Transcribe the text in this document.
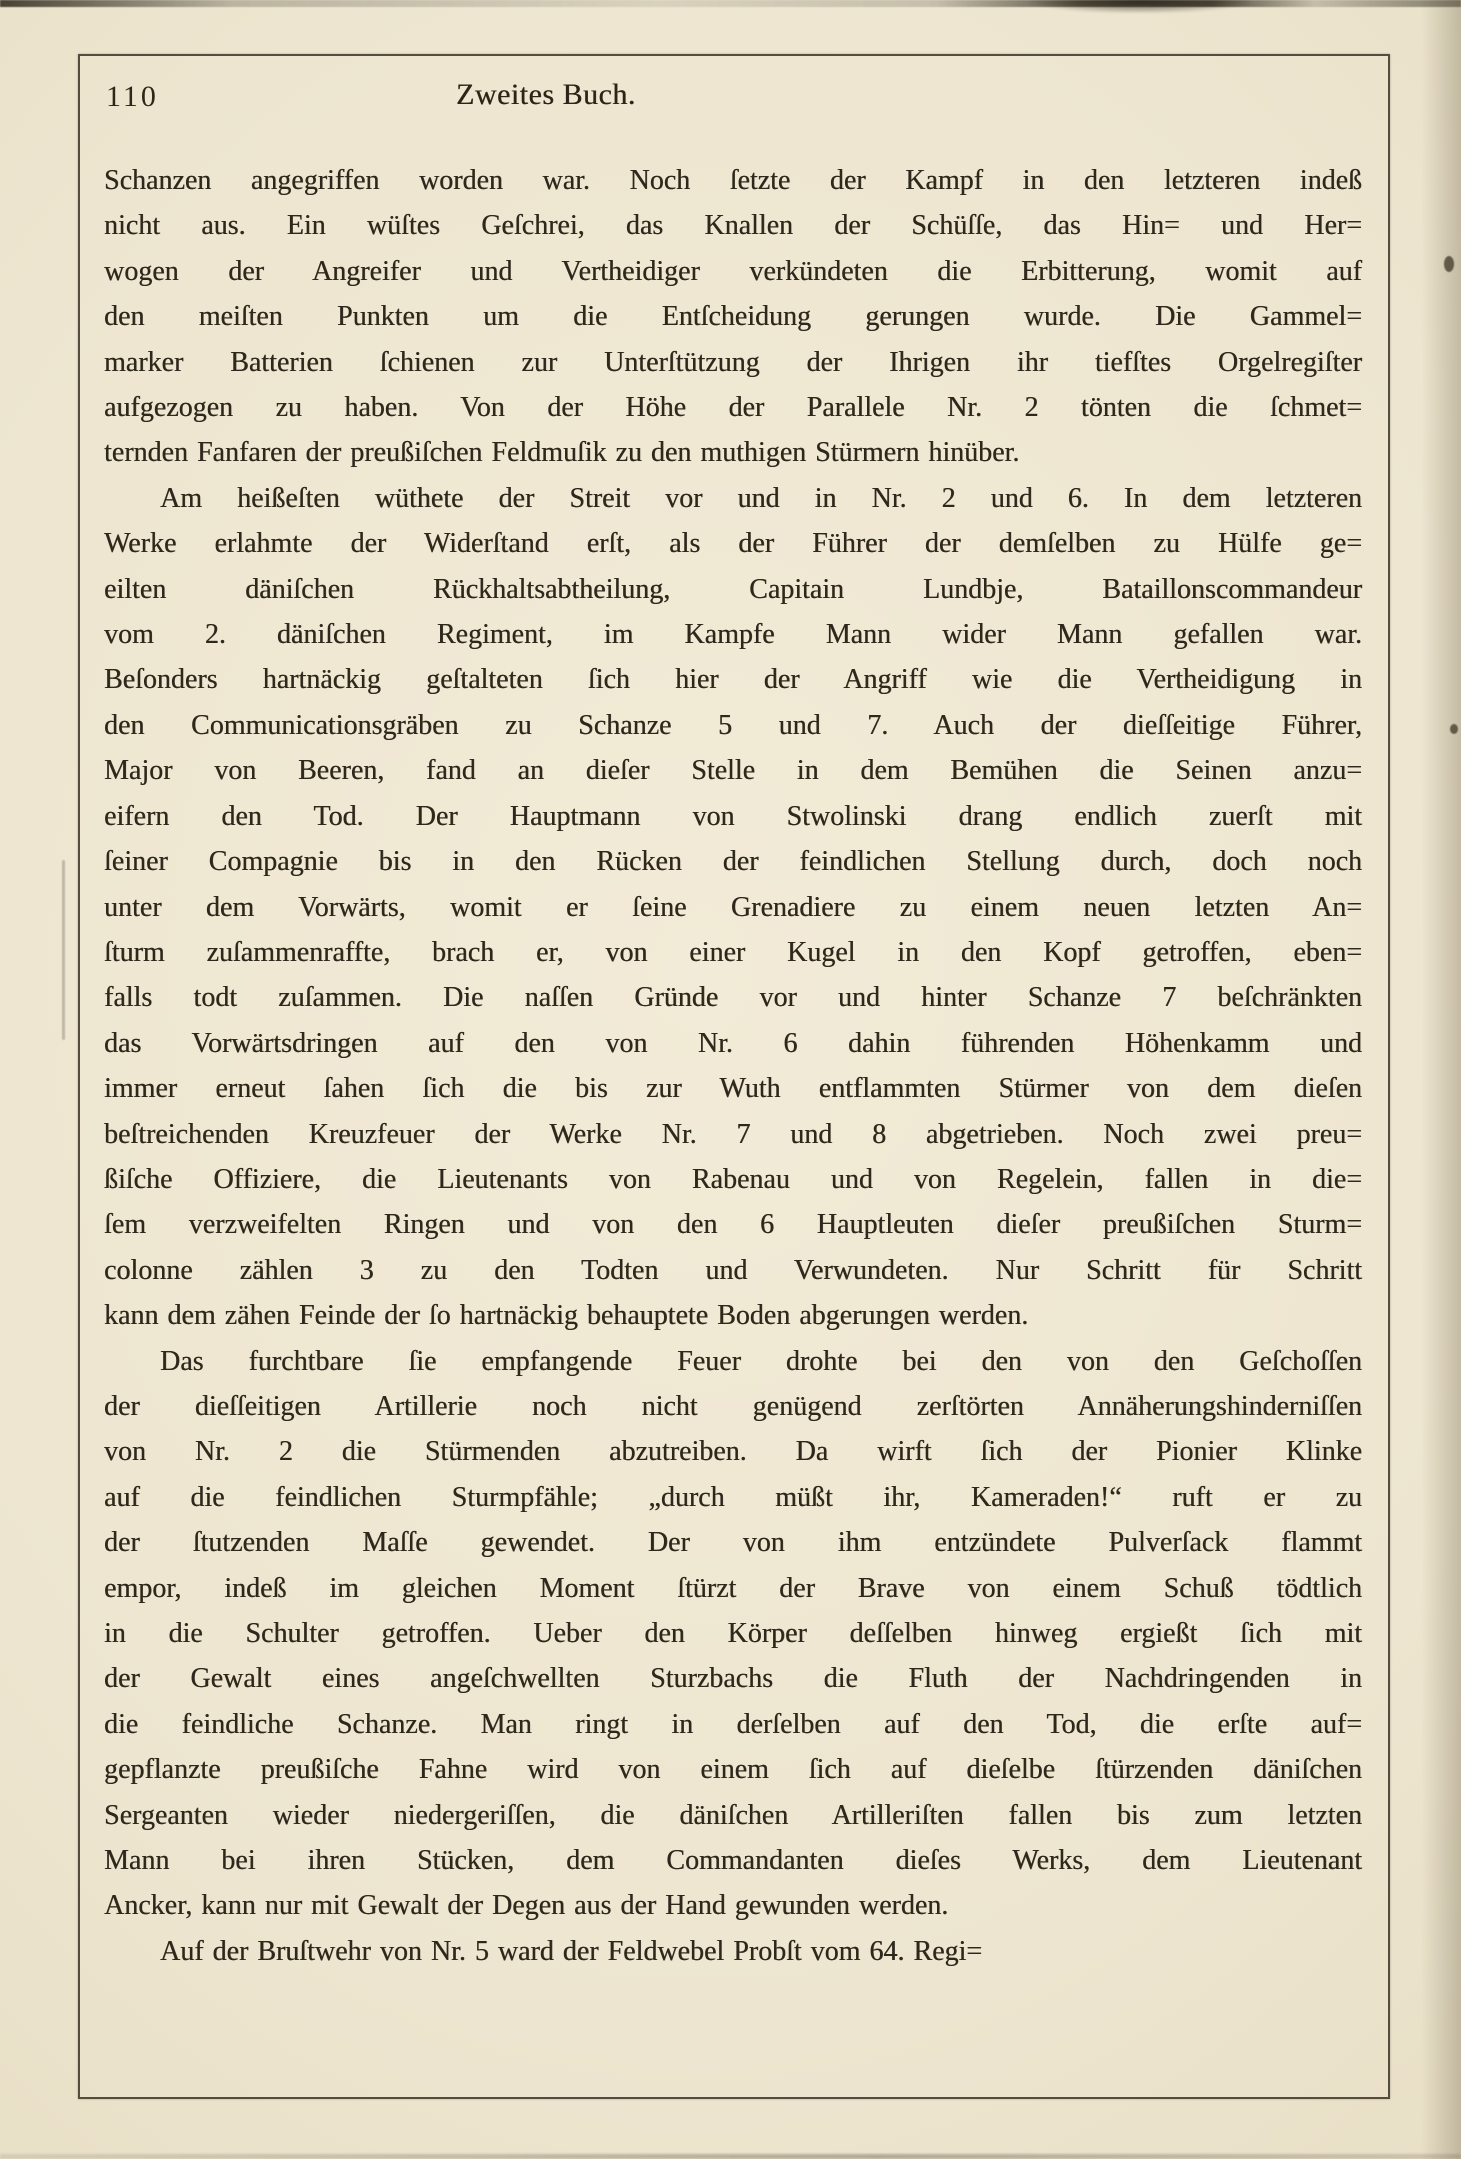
110	Zweites Buch.
Schanzen angegriffen worden war. Noch ſetzte der Kampf in den letzteren indeß
nicht aus. Ein wüſtes Geſchrei, das Knallen der Schüſſe, das Hin= und Her=
wogen der Angreifer und Vertheidiger verkündeten die Erbitterung, womit auf
den meiſten Punkten um die Entſcheidung gerungen wurde. Die Gammel=
marker Batterien ſchienen zur Unterſtützung der Ihrigen ihr tiefſtes Orgelregiſter
aufgezogen zu haben. Von der Höhe der Parallele Nr. 2 tönten die ſchmet=
ternden Fanfaren der preußiſchen Feldmuſik zu den muthigen Stürmern hinüber.
Am heißeſten wüthete der Streit vor und in Nr. 2 und 6. In dem letzteren
Werke erlahmte der Widerſtand erſt, als der Führer der demſelben zu Hülfe ge=
eilten däniſchen Rückhaltsabtheilung, Capitain Lundbje, Bataillonscommandeur
vom 2. däniſchen Regiment, im Kampfe Mann wider Mann gefallen war.
Beſonders hartnäckig geſtalteten ſich hier der Angriff wie die Vertheidigung in
den Communicationsgräben zu Schanze 5 und 7. Auch der dieſſeitige Führer,
Major von Beeren, fand an dieſer Stelle in dem Bemühen die Seinen anzu=
eifern den Tod. Der Hauptmann von Stwolinski drang endlich zuerſt mit
ſeiner Compagnie bis in den Rücken der feindlichen Stellung durch, doch noch
unter dem Vorwärts, womit er ſeine Grenadiere zu einem neuen letzten An=
ſturm zuſammenraffte, brach er, von einer Kugel in den Kopf getroffen, eben=
falls todt zuſammen. Die naſſen Gründe vor und hinter Schanze 7 beſchränkten
das Vorwärtsdringen auf den von Nr. 6 dahin führenden Höhenkamm und
immer erneut ſahen ſich die bis zur Wuth entflammten Stürmer von dem dieſen
beſtreichenden Kreuzfeuer der Werke Nr. 7 und 8 abgetrieben. Noch zwei preu=
ßiſche Offiziere, die Lieutenants von Rabenau und von Regelein, fallen in die=
ſem verzweifelten Ringen und von den 6 Hauptleuten dieſer preußiſchen Sturm=
colonne zählen 3 zu den Todten und Verwundeten. Nur Schritt für Schritt
kann dem zähen Feinde der ſo hartnäckig behauptete Boden abgerungen werden.
Das furchtbare ſie empfangende Feuer drohte bei den von den Geſchoſſen
der dieſſeitigen Artillerie noch nicht genügend zerſtörten Annäherungshinderniſſen
von Nr. 2 die Stürmenden abzutreiben. Da wirft ſich der Pionier Klinke
auf die feindlichen Sturmpfähle; „durch müßt ihr, Kameraden!“ ruft er zu
der ſtutzenden Maſſe gewendet. Der von ihm entzündete Pulverſack flammt
empor, indeß im gleichen Moment ſtürzt der Brave von einem Schuß tödtlich
in die Schulter getroffen. Ueber den Körper deſſelben hinweg ergießt ſich mit
der Gewalt eines angeſchwellten Sturzbachs die Fluth der Nachdringenden in
die feindliche Schanze. Man ringt in derſelben auf den Tod, die erſte auf=
gepflanzte preußiſche Fahne wird von einem ſich auf dieſelbe ſtürzenden däniſchen
Sergeanten wieder niedergeriſſen, die däniſchen Artilleriſten fallen bis zum letzten
Mann bei ihren Stücken, dem Commandanten dieſes Werks, dem Lieutenant
Ancker, kann nur mit Gewalt der Degen aus der Hand gewunden werden.
Auf der Bruſtwehr von Nr. 5 ward der Feldwebel Probſt vom 64. Regi=
